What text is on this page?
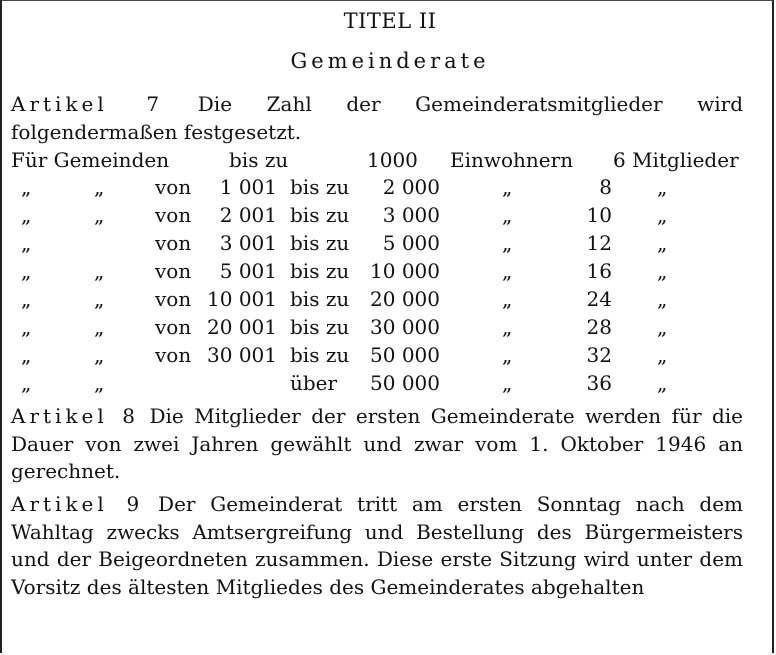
TITEL II
Gemeinderate
Artikel 7 Die Zahl der Gemeinderatsmitglieder wird folgendermaßen festgesetzt.
Für Gemeinden	bis zu	1000 Einwohnern 6 Mitglieder
„	„	von	1 001 bis zu	2 000	„	8 „
„	„	von	2 001 bis zu	3 000	„	10 „
„	von	3 001 bis zu	5 000	„	12 „
„	„	von	5 001 bis zu	10 000	„	16 „
„	„	von 10 001 bis zu	20 000	„	24 „
„	„	von 20 001 bis zu	30 000	„	28 „
„	„	von 30 001 bis zu	50 000	„	32 „
„	„	über	50 000	„	36 „
Artikel 8 Die Mitglieder der ersten Gemeinderate werden für die Dauer von zwei Jahren gewählt und zwar vom 1. Oktober 1946 an gerechnet.
Artikel 9 Der Gemeinderat tritt am ersten Sonntag nach dem Wahltag zwecks Amtsergreifung und Bestellung des Bürgermeisters und der Beigeordneten zusammen. Diese erste Sitzung wird unter dem Vorsitz des ältesten Mitgliedes des Gemeinderates abgehalten
